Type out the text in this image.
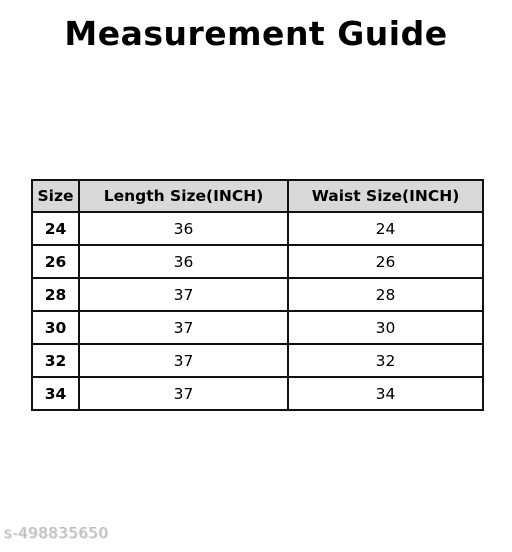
Measurement Guide
Size	Length Size(INCH)	Waist Size(INCH)
24	36	24
26	36	26
28	37	28
30	37	30
32	37	32
34	37	34
s-498835650
